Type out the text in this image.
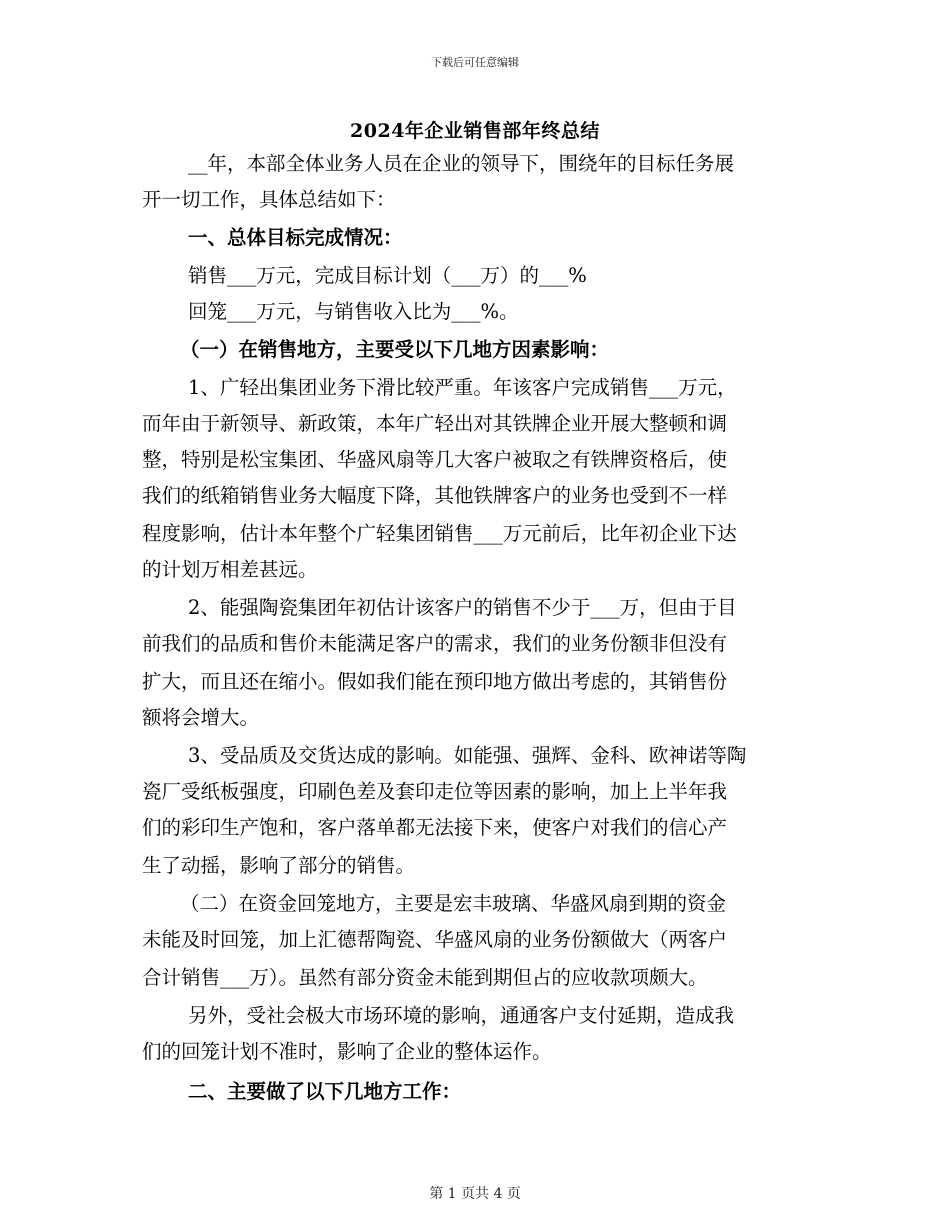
下载后可任意编辑
2024年企业销售部年终总结
__年，本部全体业务人员在企业的领导下，围绕年的目标任务展
开一切工作，具体总结如下：
一、总体目标完成情况：
销售___万元，完成目标计划（___万）的___%
回笼___万元，与销售收入比为___%。
（一）在销售地方，主要受以下几地方因素影响：
1、广轻出集团业务下滑比较严重。年该客户完成销售___万元，
而年由于新领导、新政策，本年广轻出对其铁牌企业开展大整顿和调
整，特别是松宝集团、华盛风扇等几大客户被取之有铁牌资格后，使
我们的纸箱销售业务大幅度下降，其他铁牌客户的业务也受到不一样
程度影响，估计本年整个广轻集团销售___万元前后，比年初企业下达
的计划万相差甚远。
2、能强陶瓷集团年初估计该客户的销售不少于___万，但由于目
前我们的品质和售价未能满足客户的需求，我们的业务份额非但没有
扩大，而且还在缩小。假如我们能在预印地方做出考虑的，其销售份
额将会增大。
3、受品质及交货达成的影响。如能强、强辉、金科、欧神诺等陶
瓷厂受纸板强度，印刷色差及套印走位等因素的影响，加上上半年我
们的彩印生产饱和，客户落单都无法接下来，使客户对我们的信心产
生了动摇，影响了部分的销售。
（二）在资金回笼地方，主要是宏丰玻璃、华盛风扇到期的资金
未能及时回笼，加上汇德帮陶瓷、华盛风扇的业务份额做大（两客户
合计销售___万）。虽然有部分资金未能到期但占的应收款项颇大。
另外，受社会极大市场环境的影响，通通客户支付延期，造成我
们的回笼计划不准时，影响了企业的整体运作。
二、主要做了以下几地方工作：
第 1 页共 4 页
